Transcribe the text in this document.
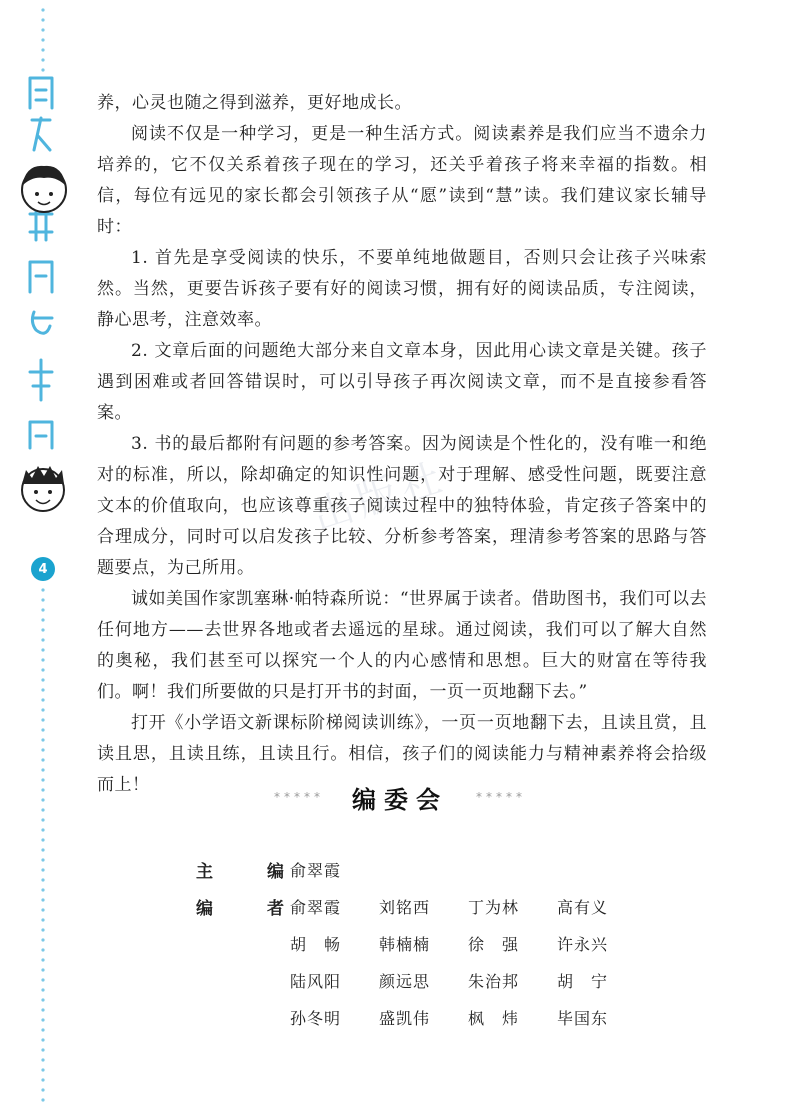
4
出版社

养，心灵也随之得到滋养，更好地成长。

阅读不仅是一种学习，更是一种生活方式。阅读素养是我们应当不遗余力培养的，它不仅关系着孩子现在的学习，还关乎着孩子将来幸福的指数。相信，每位有远见的家长都会引领孩子从“愿”读到“慧”读。我们建议家长辅导时：

1. 首先是享受阅读的快乐，不要单纯地做题目，否则只会让孩子兴味索然。当然，更要告诉孩子要有好的阅读习惯，拥有好的阅读品质，专注阅读，静心思考，注意效率。

2. 文章后面的问题绝大部分来自文章本身，因此用心读文章是关键。孩子遇到困难或者回答错误时，可以引导孩子再次阅读文章，而不是直接参看答案。

3. 书的最后都附有问题的参考答案。因为阅读是个性化的，没有唯一和绝对的标准，所以，除却确定的知识性问题，对于理解、感受性问题，既要注意文本的价值取向，也应该尊重孩子阅读过程中的独特体验，肯定孩子答案中的合理成分，同时可以启发孩子比较、分析参考答案，理清参考答案的思路与答题要点，为己所用。

诚如美国作家凯塞琳·帕特森所说：“世界属于读者。借助图书，我们可以去任何地方——去世界各地或者去遥远的星球。通过阅读，我们可以了解大自然的奥秘，我们甚至可以探究一个人的内心感情和思想。巨大的财富在等待我们。啊！我们所要做的只是打开书的封面，一页一页地翻下去。”

打开《小学语文新课标阶梯阅读训练》，一页一页地翻下去，且读且赏，且读且思，且读且练，且读且行。相信，孩子们的阅读能力与精神素养将会拾级而上！

***** 编委会 *****
主	编 俞翠霞
编	者 俞翠霞	刘铭西	丁为林	高有义
胡　畅	韩楠楠	徐　强	许永兴
陆风阳	颜远思	朱治邦	胡　宁
孙冬明	盛凯伟	枫　炜	毕国东
